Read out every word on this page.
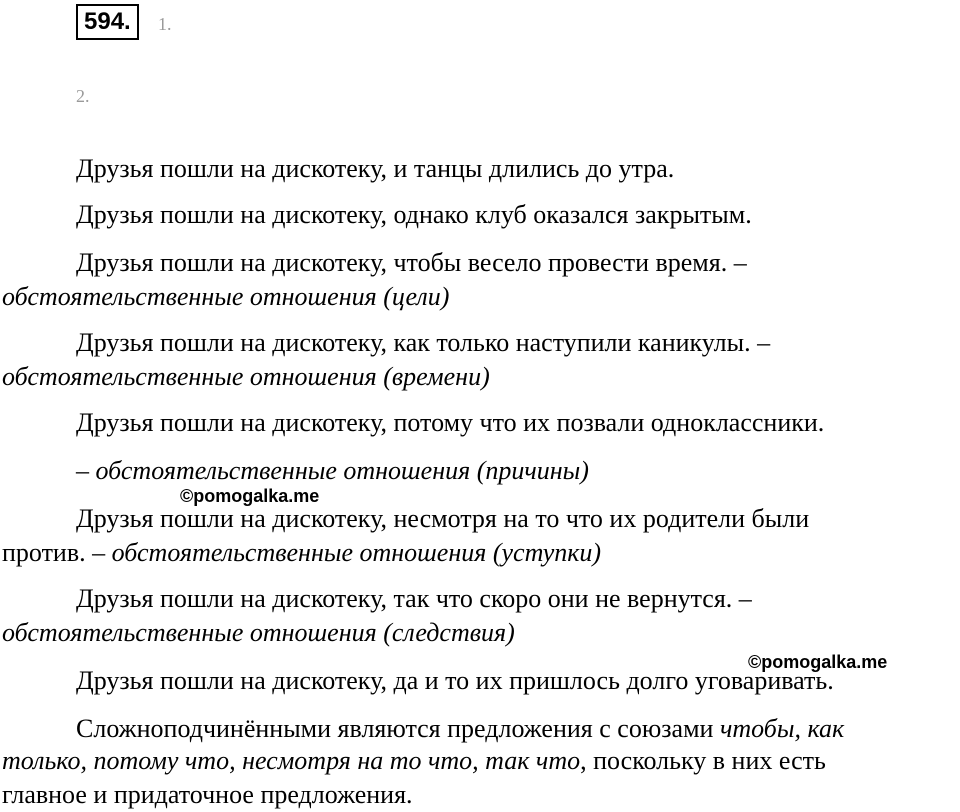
594.	1.
2.
Друзья пошли на дискотеку, и танцы длились до утра.
Друзья пошли на дискотеку, однако клуб оказался закрытым.
Друзья пошли на дискотеку, чтобы весело провести время. –
обстоятельственные отношения (цели)
Друзья пошли на дискотеку, как только наступили каникулы. –
обстоятельственные отношения (времени)
Друзья пошли на дискотеку, потому что их позвали одноклассники.
– обстоятельственные отношения (причины)
©pomogalka.me
Друзья пошли на дискотеку, несмотря на то что их родители были
против. – обстоятельственные отношения (уступки)
Друзья пошли на дискотеку, так что скоро они не вернутся. –
обстоятельственные отношения (следствия)
©pomogalka.me
Друзья пошли на дискотеку, да и то их пришлось долго уговаривать.
Сложноподчинёнными являются предложения с союзами чтобы, как
только, потому что, несмотря на то что, так что, поскольку в них есть
главное и придаточное предложения.
